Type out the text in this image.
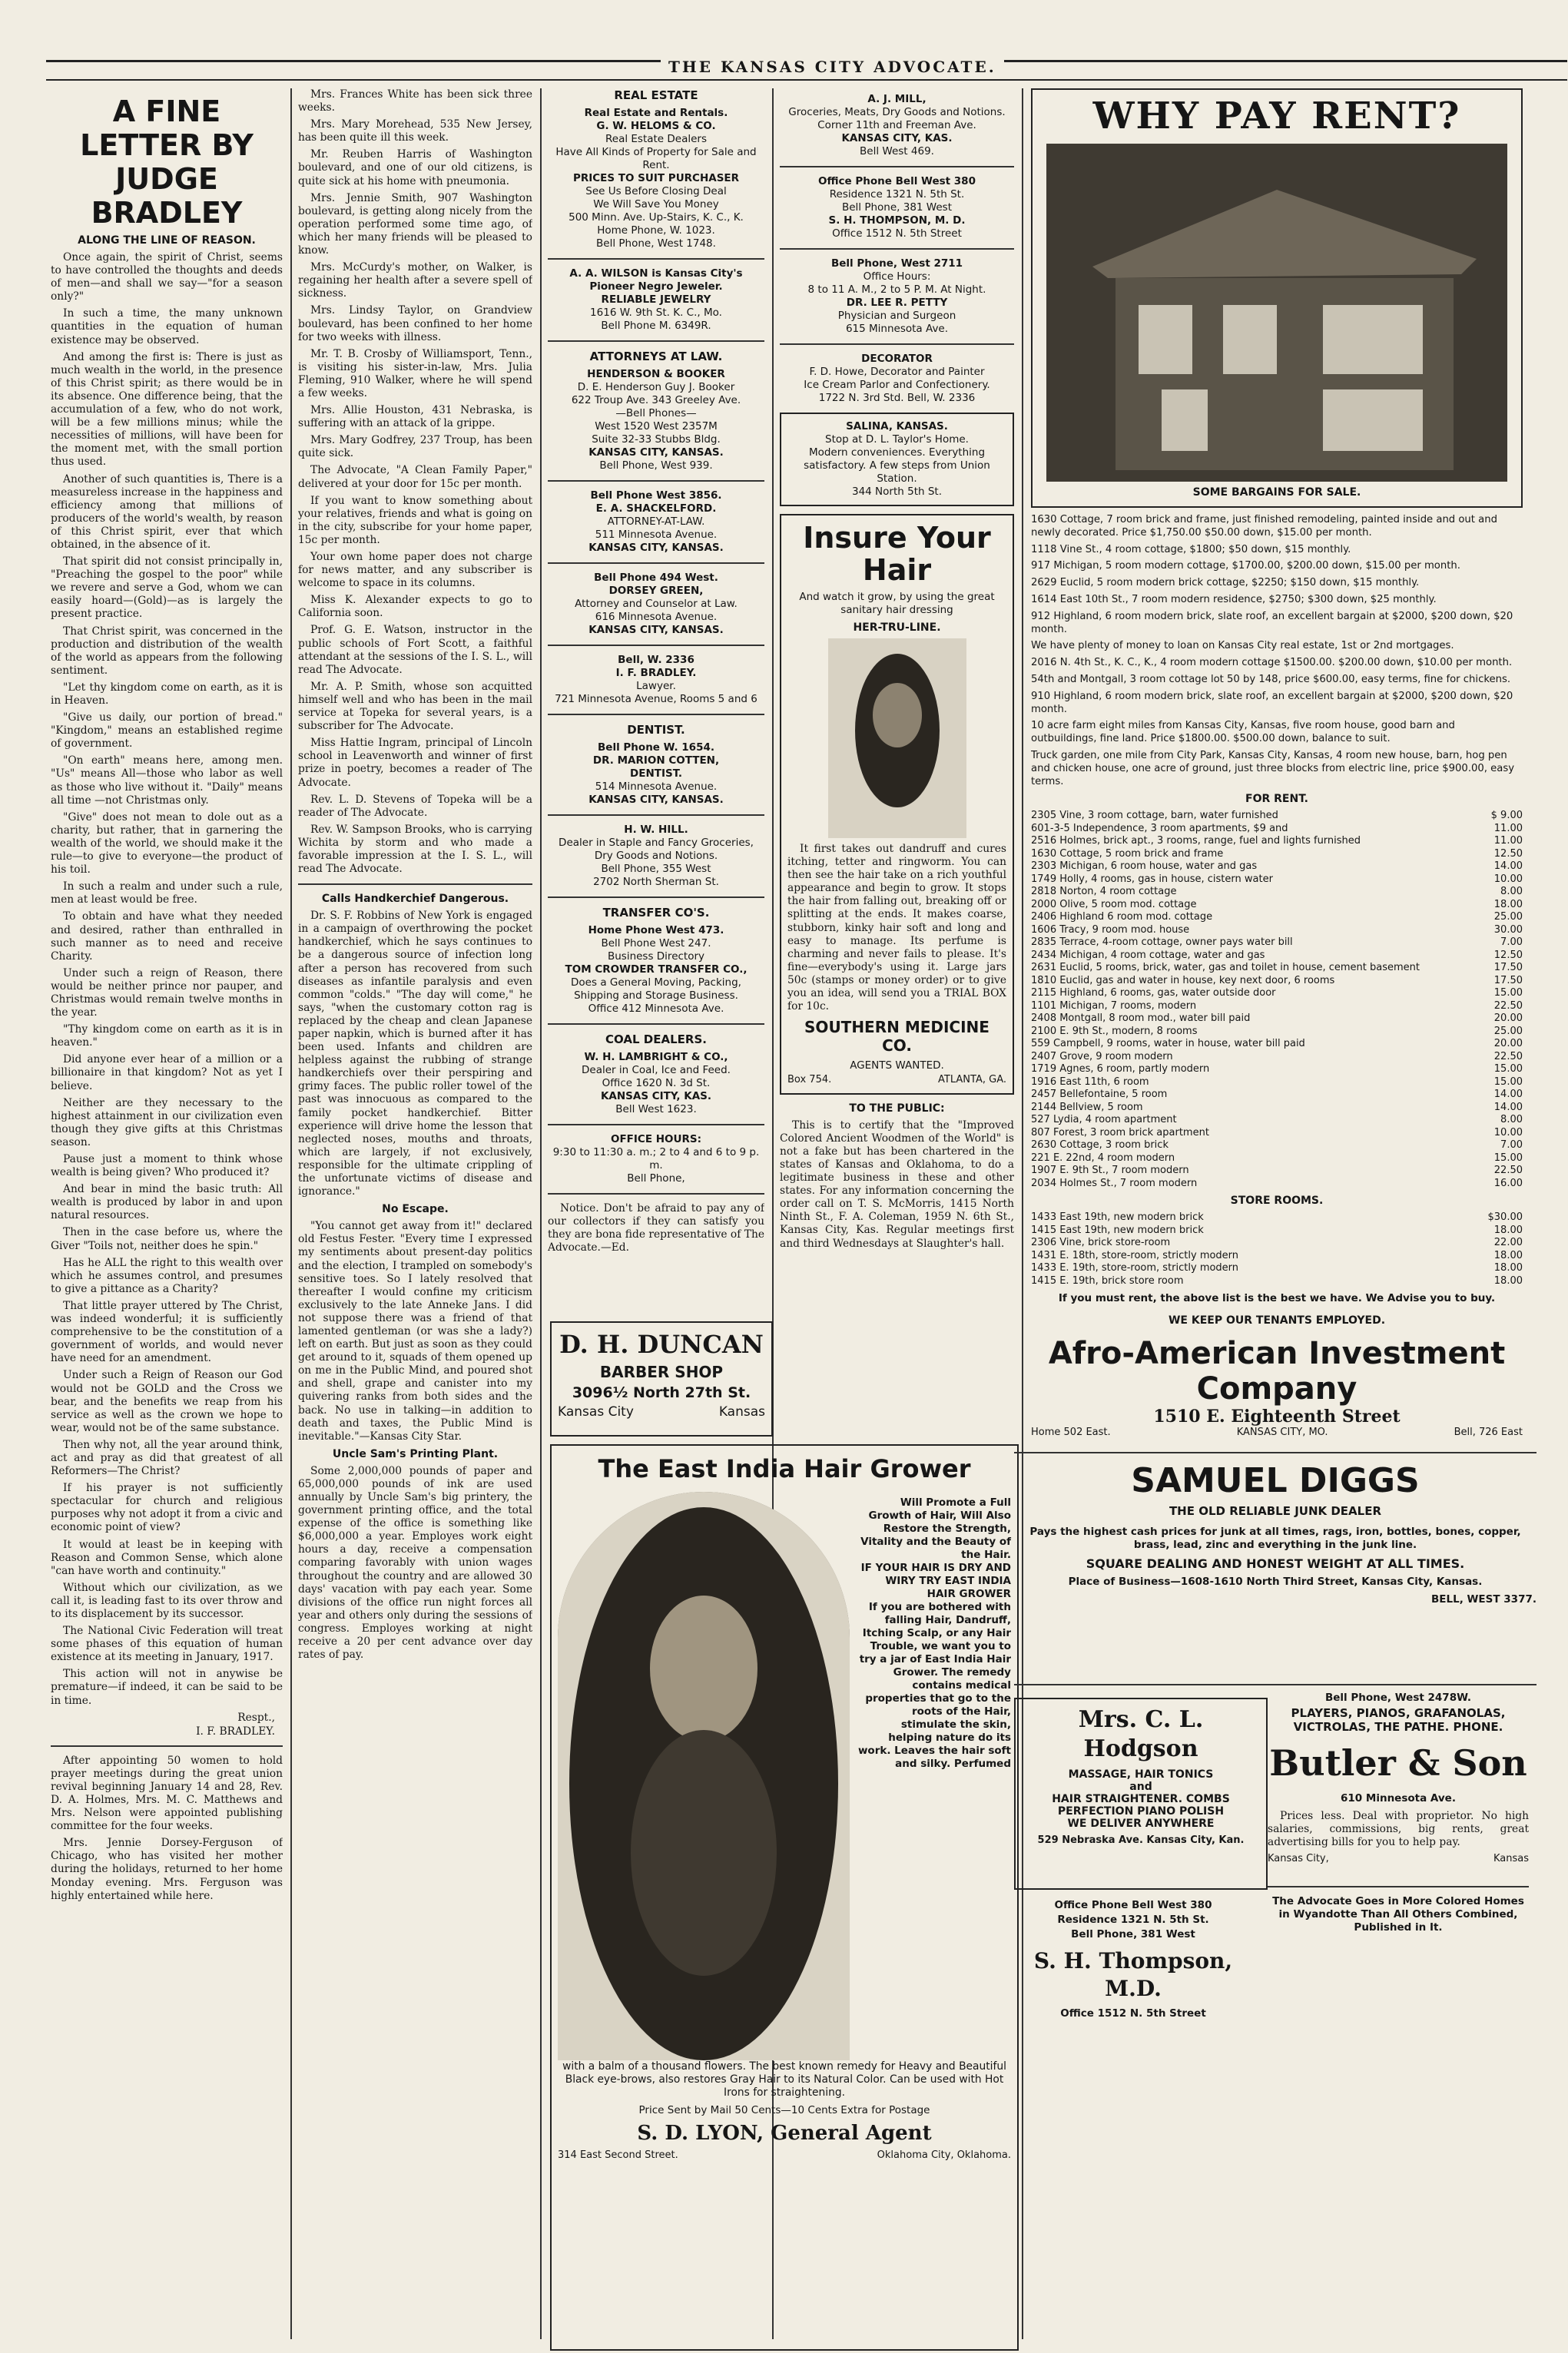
THE KANSAS CITY ADVOCATE.
A FINE LETTER BY JUDGE BRADLEY
ALONG THE LINE OF REASON.

Once again, the spirit of Christ, seems to have controlled the thoughts and deeds of men—and shall we say—"for a season only?"

In such a time, the many unknown quantities in the equation of human existence may be observed.

And among the first is: There is just as much wealth in the world, in the presence of this Christ spirit; as there would be in its absence. One difference being, that the accumulation of a few, who do not work, will be a few millions minus; while the necessities of millions, will have been for the moment met, with the small portion thus used.

Another of such quantities is, There is a measureless increase in the happiness and efficiency among that millions of producers of the world's wealth, by reason of this Christ spirit, ever that which obtained, in the absence of it.

That spirit did not consist principally in, "Preaching the gospel to the poor" while we revere and serve a God, whom we can easily hoard—(Gold)—as is largely the present practice.

That Christ spirit, was concerned in the production and distribution of the wealth of the world as appears from the following sentiment.

"Let thy kingdom come on earth, as it is in Heaven.

"Give us daily, our portion of bread." "Kingdom," means an established regime of government.

"On earth" means here, among men. "Us" means All—those who labor as well as those who live without it. "Daily" means all time —not Christmas only.

"Give" does not mean to dole out as a charity, but rather, that in garnering the wealth of the world, we should make it the rule—to give to everyone—the product of his toil.

In such a realm and under such a rule, men at least would be free.

To obtain and have what they needed and desired, rather than enthralled in such manner as to need and receive Charity.

Under such a reign of Reason, there would be neither prince nor pauper, and Christmas would remain twelve months in the year.

"Thy kingdom come on earth as it is in heaven."

Did anyone ever hear of a million or a billionaire in that kingdom? Not as yet I believe.

Neither are they necessary to the highest attainment in our civilization even though they give gifts at this Christmas season.

Pause just a moment to think whose wealth is being given? Who produced it?

And bear in mind the basic truth: All wealth is produced by labor in and upon natural resources.

Then in the case before us, where the Giver "Toils not, neither does he spin."

Has he ALL the right to this wealth over which he assumes control, and presumes to give a pittance as a Charity?

That little prayer uttered by The Christ, was indeed wonderful; it is sufficiently comprehensive to be the constitution of a government of worlds, and would never have need for an amendment.

Under such a Reign of Reason our God would not be GOLD and the Cross we bear, and the benefits we reap from his service as well as the crown we hope to wear, would not be of the same substance.

Then why not, all the year around think, act and pray as did that greatest of all Reformers—The Christ?

If his prayer is not sufficiently spectacular for church and religious purposes why not adopt it from a civic and economic point of view?

It would at least be in keeping with Reason and Common Sense, which alone "can have worth and continuity."

Without which our civilization, as we call it, is leading fast to its over throw and to its displacement by its successor.

The National Civic Federation will treat some phases of this equation of human existence at its meeting in January, 1917.

This action will not in anywise be premature—if indeed, it can be said to be in time.

Respt.,
I. F. BRADLEY.

After appointing 50 women to hold prayer meetings during the great union revival beginning January 14 and 28, Rev. D. A. Holmes, Mrs. M. C. Matthews and Mrs. Nelson were appointed publishing committee for the four weeks.

Mrs. Jennie Dorsey-Ferguson of Chicago, who has visited her mother during the holidays, returned to her home Monday evening. Mrs. Ferguson was highly entertained while here.

Mrs. Frances White has been sick three weeks.

Mrs. Mary Morehead, 535 New Jersey, has been quite ill this week.

Mr. Reuben Harris of Washington boulevard, and one of our old citizens, is quite sick at his home with pneumonia.

Mrs. Jennie Smith, 907 Washington boulevard, is getting along nicely from the operation performed some time ago, of which her many friends will be pleased to know.

Mrs. McCurdy's mother, on Walker, is regaining her health after a severe spell of sickness.

Mrs. Lindsy Taylor, on Grandview boulevard, has been confined to her home for two weeks with illness.

Mr. T. B. Crosby of Williamsport, Tenn., is visiting his sister-in-law, Mrs. Julia Fleming, 910 Walker, where he will spend a few weeks.

Mrs. Allie Houston, 431 Nebraska, is suffering with an attack of la grippe.

Mrs. Mary Godfrey, 237 Troup, has been quite sick.

The Advocate, "A Clean Family Paper," delivered at your door for 15c per month.

If you want to know something about your relatives, friends and what is going on in the city, subscribe for your home paper, 15c per month.

Your own home paper does not charge for news matter, and any subscriber is welcome to space in its columns.

Miss K. Alexander expects to go to California soon.

Prof. G. E. Watson, instructor in the public schools of Fort Scott, a faithful attendant at the sessions of the I. S. L., will read The Advocate.

Mr. A. P. Smith, whose son acquitted himself well and who has been in the mail service at Topeka for several years, is a subscriber for The Advocate.

Miss Hattie Ingram, principal of Lincoln school in Leavenworth and winner of first prize in poetry, becomes a reader of The Advocate.

Rev. L. D. Stevens of Topeka will be a reader of The Advocate.

Rev. W. Sampson Brooks, who is carrying Wichita by storm and who made a favorable impression at the I. S. L., will read The Advocate.

Calls Handkerchief Dangerous.

Dr. S. F. Robbins of New York is engaged in a campaign of overthrowing the pocket handkerchief, which he says continues to be a dangerous source of infection long after a person has recovered from such diseases as infantile paralysis and even common "colds." "The day will come," he says, "when the customary cotton rag is replaced by the cheap and clean Japanese paper napkin, which is burned after it has been used. Infants and children are helpless against the rubbing of strange handkerchiefs over their perspiring and grimy faces. The public roller towel of the past was innocuous as compared to the family pocket handkerchief. Bitter experience will drive home the lesson that neglected noses, mouths and throats, which are largely, if not exclusively, responsible for the ultimate crippling of the unfortunate victims of disease and ignorance."

No Escape.

"You cannot get away from it!" declared old Festus Fester. "Every time I expressed my sentiments about present-day politics and the election, I trampled on somebody's sensitive toes. So I lately resolved that thereafter I would confine my criticism exclusively to the late Anneke Jans. I did not suppose there was a friend of that lamented gentleman (or was she a lady?) left on earth. But just as soon as they could get around to it, squads of them opened up on me in the Public Mind, and poured shot and shell, grape and canister into my quivering ranks from both sides and the back. No use in talking—in addition to death and taxes, the Public Mind is inevitable."—Kansas City Star.

Uncle Sam's Printing Plant.

Some 2,000,000 pounds of paper and 65,000,000 pounds of ink are used annually by Uncle Sam's big printery, the government printing office, and the total expense of the office is something like $6,000,000 a year. Employes work eight hours a day, receive a compensation comparing favorably with union wages throughout the country and are allowed 30 days' vacation with pay each year. Some divisions of the office run night forces all year and others only during the sessions of congress. Employes working at night receive a 20 per cent advance over day rates of pay.

REAL ESTATE
Real Estate and Rentals.
G. W. HELOMS & CO.
Real Estate Dealers
Have All Kinds of Property for Sale and Rent.
PRICES TO SUIT PURCHASER
See Us Before Closing Deal
We Will Save You Money
500 Minn. Ave. Up-Stairs, K. C., K.
Home Phone, W. 1023.
Bell Phone, West 1748.
A. A. WILSON is Kansas City's Pioneer Negro Jeweler.
RELIABLE JEWELRY
1616 W. 9th St. K. C., Mo.
Bell Phone M. 6349R.
ATTORNEYS AT LAW.
HENDERSON & BOOKER
D. E. Henderson Guy J. Booker
622 Troup Ave. 343 Greeley Ave.
—Bell Phones—
West 1520 West 2357M
Suite 32-33 Stubbs Bldg.
KANSAS CITY, KANSAS.
Bell Phone, West 939.
Bell Phone West 3856.
E. A. SHACKELFORD.
ATTORNEY-AT-LAW.
511 Minnesota Avenue.
KANSAS CITY, KANSAS.
Bell Phone 494 West.
DORSEY GREEN,
Attorney and Counselor at Law.
616 Minnesota Avenue.
KANSAS CITY, KANSAS.
Bell, W. 2336
I. F. BRADLEY.
Lawyer.
721 Minnesota Avenue, Rooms 5 and 6
DENTIST.
Bell Phone W. 1654.
DR. MARION COTTEN,
DENTIST.
514 Minnesota Avenue.
KANSAS CITY, KANSAS.
H. W. HILL.
Dealer in Staple and Fancy Groceries, Dry Goods and Notions.
Bell Phone, 355 West
2702 North Sherman St.
TRANSFER CO'S.
Home Phone West 473.
Bell Phone West 247.
Business Directory
TOM CROWDER TRANSFER CO.,
Does a General Moving, Packing, Shipping and Storage Business.
Office 412 Minnesota Ave.
COAL DEALERS.
W. H. LAMBRIGHT & CO.,
Dealer in Coal, Ice and Feed.
Office 1620 N. 3d St.
KANSAS CITY, KAS.
Bell West 1623.
OFFICE HOURS:
9:30 to 11:30 a. m.; 2 to 4 and 6 to 9 p. m.
Bell Phone,

Notice. Don't be afraid to pay any of our collectors if they can satisfy you they are bona fide representative of The Advocate.—Ed.

A. J. MILL,
Groceries, Meats, Dry Goods and Notions.
Corner 11th and Freeman Ave.
KANSAS CITY, KAS.
Bell West 469.
Office Phone Bell West 380
Residence 1321 N. 5th St.
Bell Phone, 381 West
S. H. THOMPSON, M. D.
Office 1512 N. 5th Street
Bell Phone, West 2711
Office Hours:
8 to 11 A. M., 2 to 5 P. M. At Night.
DR. LEE R. PETTY
Physician and Surgeon
615 Minnesota Ave.
DECORATOR
F. D. Howe, Decorator and Painter
Ice Cream Parlor and Confectionery.
1722 N. 3rd Std. Bell, W. 2336
SALINA, KANSAS.
Stop at D. L. Taylor's Home.
Modern conveniences. Everything satisfactory. A few steps from Union Station.
344 North 5th St.
Insure Your Hair
And watch it grow, by using the great sanitary hair dressing
HER-TRU-LINE.

It first takes out dandruff and cures itching, tetter and ringworm. You can then see the hair take on a rich youthful appearance and begin to grow. It stops the hair from falling out, breaking off or splitting at the ends. It makes coarse, stubborn, kinky hair soft and long and easy to manage. Its perfume is charming and never fails to please. It's fine—everybody's using it. Large jars 50c (stamps or money order) or to give you an idea, will send you a TRIAL BOX for 10c.

SOUTHERN MEDICINE CO.
AGENTS WANTED.
Box 754.	ATLANTA, GA.
TO THE PUBLIC:

This is to certify that the "Improved Colored Ancient Woodmen of the World" is not a fake but has been chartered in the states of Kansas and Oklahoma, to do a legitimate business in these and other states. For any information concerning the order call on T. S. McMorris, 1415 North Ninth St., F. A. Coleman, 1959 N. 6th St., Kansas City, Kas. Regular meetings first and third Wednesdays at Slaughter's hall.

D. H. DUNCAN
BARBER SHOP
3096½ North 27th St.
Kansas City	Kansas
The East India Hair Grower
Will Promote a Full Growth of Hair, Will Also Restore the Strength, Vitality and the Beauty of the Hair.
IF YOUR HAIR IS DRY AND WIRY TRY EAST INDIA HAIR GROWER
If you are bothered with falling Hair, Dandruff, Itching Scalp, or any Hair Trouble, we want you to try a jar of East India Hair Grower. The remedy contains medical properties that go to the roots of the Hair, stimulate the skin, helping nature do its work. Leaves the hair soft and silky. Perfumed

with a balm of a thousand flowers. The best known remedy for Heavy and Beautiful Black eye-brows, also restores Gray Hair to its Natural Color. Can be used with Hot Irons for straightening.

Price Sent by Mail 50 Cents—10 Cents Extra for Postage
S. D. LYON, General Agent
314 East Second Street.	Oklahoma City, Oklahoma.
WHY PAY RENT?
SOME BARGAINS FOR SALE.

1630 Cottage, 7 room brick and frame, just finished remodeling, painted inside and out and newly decorated. Price $1,750.00 $50.00 down, $15.00 per month.

1118 Vine St., 4 room cottage, $1800; $50 down, $15 monthly.

917 Michigan, 5 room modern cottage, $1700.00, $200.00 down, $15.00 per month.

2629 Euclid, 5 room modern brick cottage, $2250; $150 down, $15 monthly.

1614 East 10th St., 7 room modern residence, $2750; $300 down, $25 monthly.

912 Highland, 6 room modern brick, slate roof, an excellent bargain at $2000, $200 down, $20 month.

We have plenty of money to loan on Kansas City real estate, 1st or 2nd mortgages.

2016 N. 4th St., K. C., K., 4 room modern cottage $1500.00. $200.00 down, $10.00 per month.

54th and Montgall, 3 room cottage lot 50 by 148, price $600.00, easy terms, fine for chickens.

910 Highland, 6 room modern brick, slate roof, an excellent bargain at $2000, $200 down, $20 month.

10 acre farm eight miles from Kansas City, Kansas, five room house, good barn and outbuildings, fine land. Price $1800.00. $500.00 down, balance to suit.

Truck garden, one mile from City Park, Kansas City, Kansas, 4 room new house, barn, hog pen and chicken house, one acre of ground, just three blocks from electric line, price $900.00, easy terms.

FOR RENT.
2305 Vine, 3 room cottage, barn, water furnished	$ 9.00
601-3-5 Independence, 3 room apartments, $9 and	11.00
2516 Holmes, brick apt., 3 rooms, range, fuel and lights furnished	11.00
1630 Cottage, 5 room brick and frame	12.50
2303 Michigan, 6 room house, water and gas	14.00
1749 Holly, 4 rooms, gas in house, cistern water	10.00
2818 Norton, 4 room cottage	8.00
2000 Olive, 5 room mod. cottage	18.00
2406 Highland 6 room mod. cottage	25.00
1606 Tracy, 9 room mod. house	30.00
2835 Terrace, 4-room cottage, owner pays water bill	7.00
2434 Michigan, 4 room cottage, water and gas	12.50
2631 Euclid, 5 rooms, brick, water, gas and toilet in house, cement basement	17.50
1810 Euclid, gas and water in house, key next door, 6 rooms	17.50
2115 Highland, 6 rooms, gas, water outside door	15.00
1101 Michigan, 7 rooms, modern	22.50
2408 Montgall, 8 room mod., water bill paid	20.00
2100 E. 9th St., modern, 8 rooms	25.00
559 Campbell, 9 rooms, water in house, water bill paid	20.00
2407 Grove, 9 room modern	22.50
1719 Agnes, 6 room, partly modern	15.00
1916 East 11th, 6 room	15.00
2457 Bellefontaine, 5 room	14.00
2144 Bellview, 5 room	14.00
527 Lydia, 4 room apartment	8.00
807 Forest, 3 room brick apartment	10.00
2630 Cottage, 3 room brick	7.00
221 E. 22nd, 4 room modern	15.00
1907 E. 9th St., 7 room modern	22.50
2034 Holmes St., 7 room modern	16.00
STORE ROOMS.
1433 East 19th, new modern brick	$30.00
1415 East 19th, new modern brick	18.00
2306 Vine, brick store-room	22.00
1431 E. 18th, store-room, strictly modern	18.00
1433 E. 19th, store-room, strictly modern	18.00
1415 E. 19th, brick store room	18.00
If you must rent, the above list is the best we have. We Advise you to buy.
WE KEEP OUR TENANTS EMPLOYED.
Afro-American Investment
Company
1510 E. Eighteenth Street
Home 502 East.	KANSAS CITY, MO.	Bell, 726 East
SAMUEL DIGGS
THE OLD RELIABLE JUNK DEALER
Pays the highest cash prices for junk at all times, rags, iron, bottles, bones, copper, brass, lead, zinc and everything in the junk line.
SQUARE DEALING AND HONEST WEIGHT AT ALL TIMES.
Place of Business—1608-1610 North Third Street, Kansas City, Kansas.
BELL, WEST 3377.
Mrs. C. L. Hodgson
MASSAGE, HAIR TONICS
and
HAIR STRAIGHTENER. COMBS
PERFECTION PIANO POLISH
WE DELIVER ANYWHERE
529 Nebraska Ave. Kansas City, Kan.
Office Phone Bell West 380
Residence 1321 N. 5th St.
Bell Phone, 381 West
S. H. Thompson, M.D.
Office 1512 N. 5th Street
Bell Phone, West 2478W.
PLAYERS, PIANOS, GRAFANOLAS, VICTROLAS, THE PATHE. PHONE.
Butler & Son
610 Minnesota Ave.

Prices less. Deal with proprietor. No high salaries, commissions, big rents, great advertising bills for you to help pay.

Kansas City,	Kansas
The Advocate Goes in More Colored Homes in Wyandotte Than All Others Combined, Published in It.
